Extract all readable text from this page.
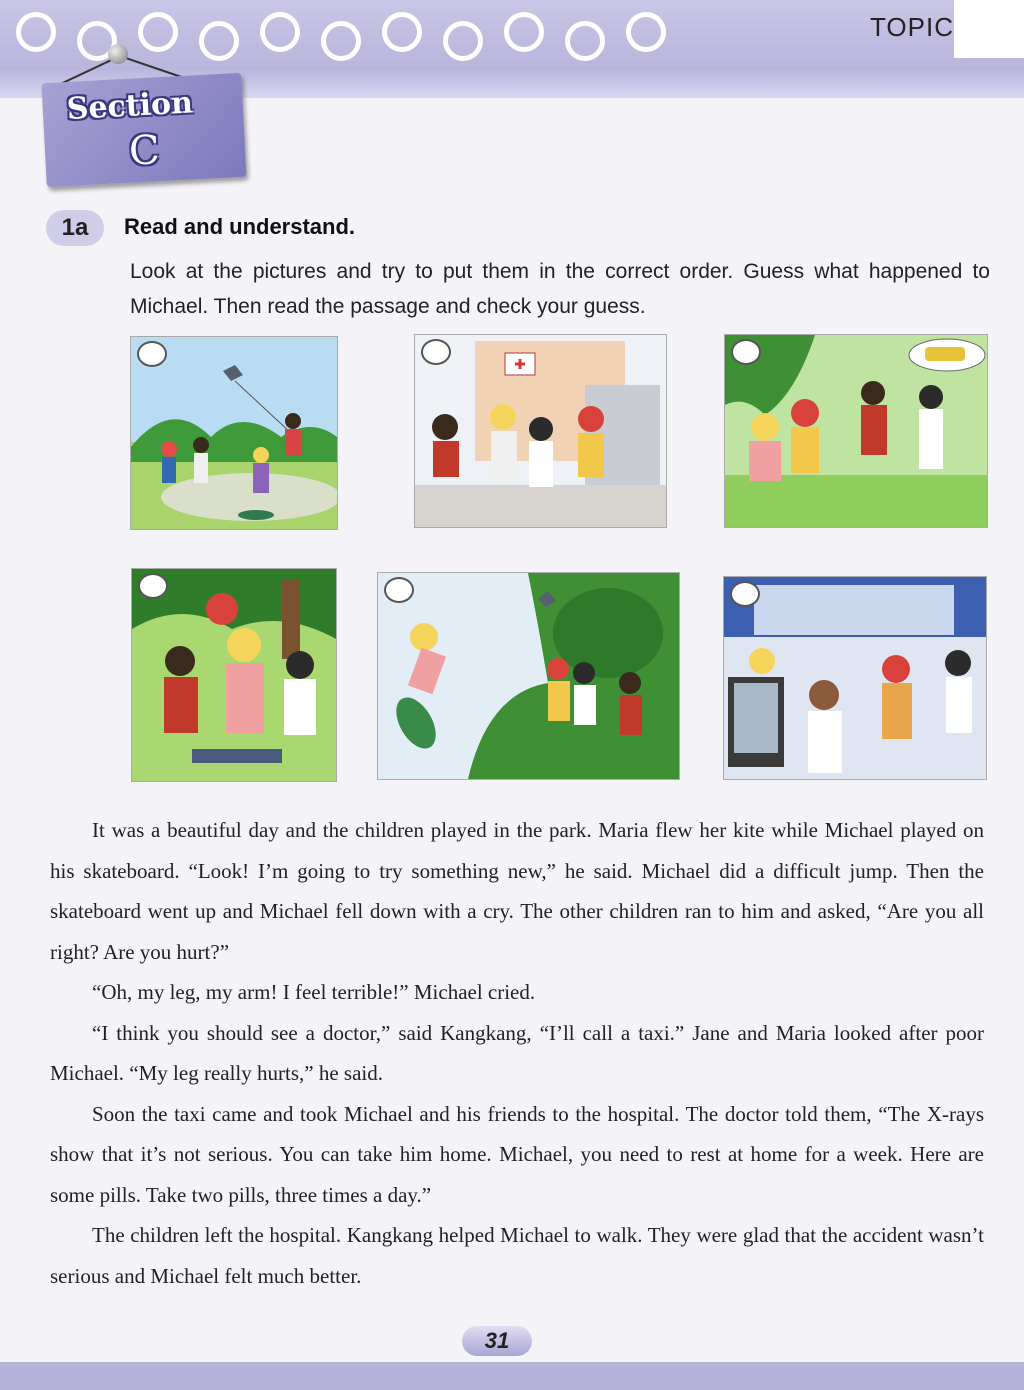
TOPIC
Section
C
1a	Read and understand.
Look at the pictures and try to put them in the correct order. Guess what happened to Michael. Then read the passage and check your guess.

It was a beautiful day and the children played in the park. Maria flew her kite while Michael played on his skateboard. “Look! I’m going to try something new,” he said. Michael did a difficult jump. Then the skateboard went up and Michael fell down with a cry. The other children ran to him and asked, “Are you all right? Are you hurt?”

“Oh, my leg, my arm! I feel terrible!” Michael cried.

“I think you should see a doctor,” said Kangkang, “I’ll call a taxi.” Jane and Maria looked after poor Michael. “My leg really hurts,” he said.

Soon the taxi came and took Michael and his friends to the hospital. The doctor told them, “The X-rays show that it’s not serious. You can take him home. Michael, you need to rest at home for a week. Here are some pills. Take two pills, three times a day.”

The children left the hospital. Kangkang helped Michael to walk. They were glad that the accident wasn’t serious and Michael felt much better.

31
